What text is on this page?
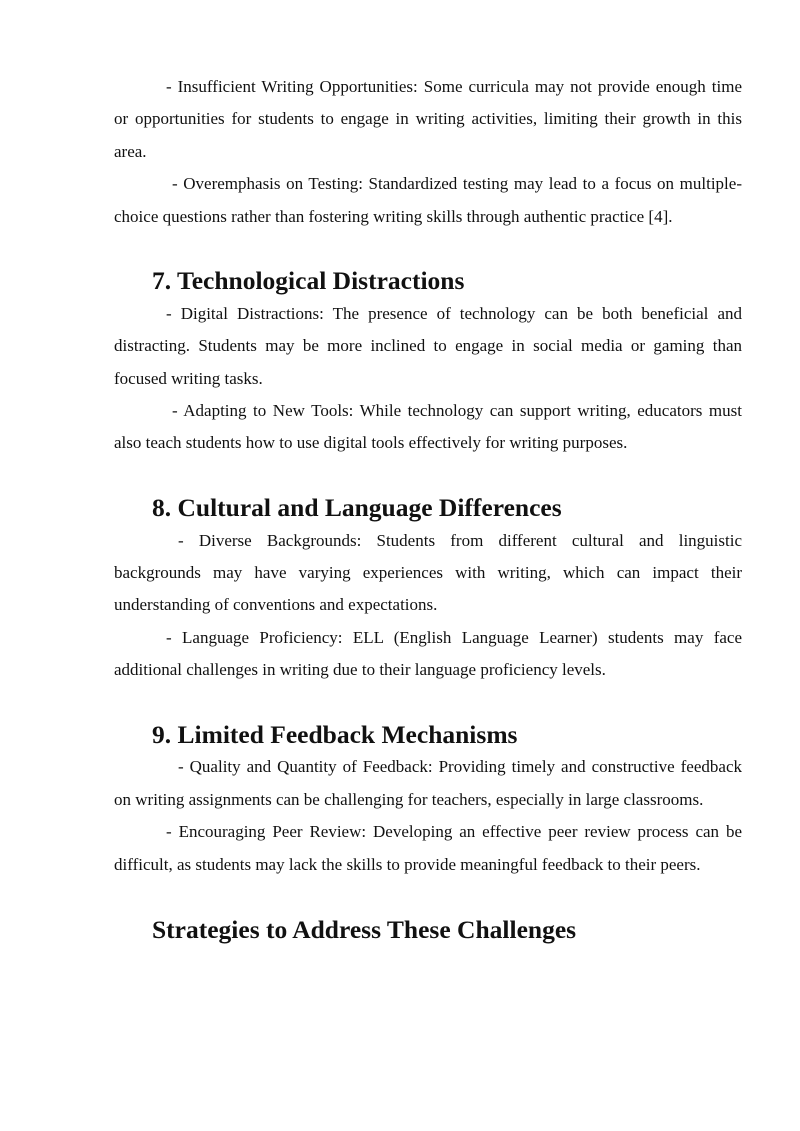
- Insufficient Writing Opportunities: Some curricula may not provide enough time or opportunities for students to engage in writing activities, limiting their growth in this area.

- Overemphasis on Testing: Standardized testing may lead to a focus on multiple-choice questions rather than fostering writing skills through authentic practice [4].

7. Technological Distractions

- Digital Distractions: The presence of technology can be both beneficial and distracting. Students may be more inclined to engage in social media or gaming than focused writing tasks.

- Adapting to New Tools: While technology can support writing, educators must also teach students how to use digital tools effectively for writing purposes.

8. Cultural and Language Differences

- Diverse Backgrounds: Students from different cultural and linguistic backgrounds may have varying experiences with writing, which can impact their understanding of conventions and expectations.

- Language Proficiency: ELL (English Language Learner) students may face additional challenges in writing due to their language proficiency levels.

9. Limited Feedback Mechanisms

- Quality and Quantity of Feedback: Providing timely and constructive feedback on writing assignments can be challenging for teachers, especially in large classrooms.

- Encouraging Peer Review: Developing an effective peer review process can be difficult, as students may lack the skills to provide meaningful feedback to their peers.

Strategies to Address These Challenges
